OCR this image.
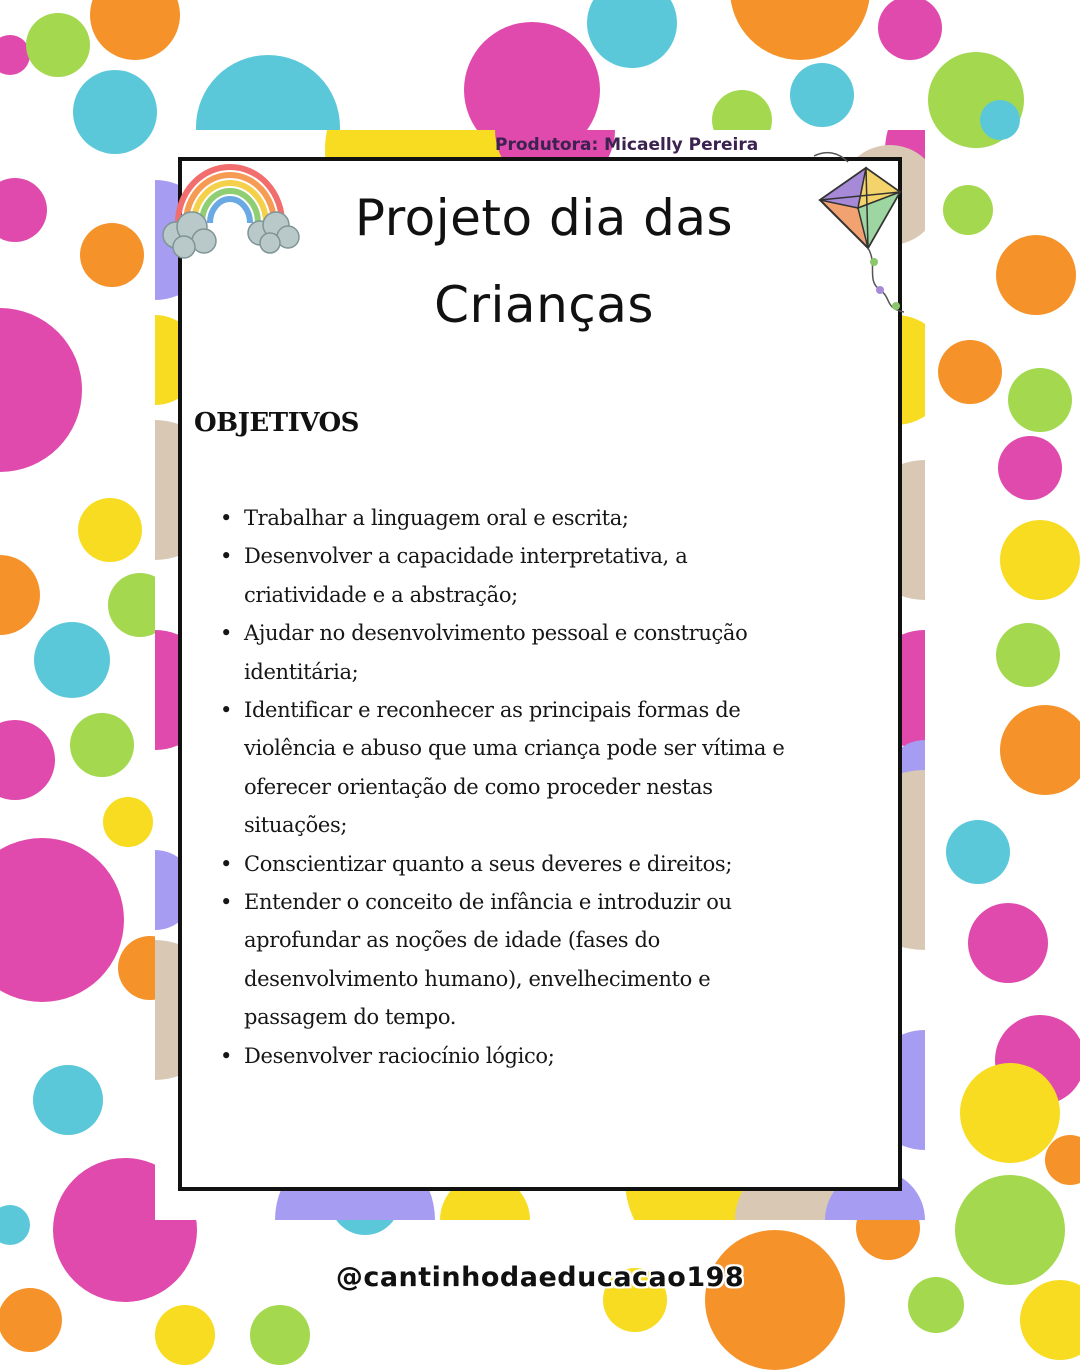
Produtora: Micaelly Pereira
Projeto dia das
Crianças
OBJETIVOS
• Trabalhar a linguagem oral e escrita;
• Desenvolver a capacidade interpretativa, a
criatividade e a abstração;
• Ajudar no desenvolvimento pessoal e construção
identitária;
• Identificar e reconhecer as principais formas de
violência e abuso que uma criança pode ser vítima e
oferecer orientação de como proceder nestas
situações;
• Conscientizar quanto a seus deveres e direitos;
• Entender o conceito de infância e introduzir ou
aprofundar as noções de idade (fases do
desenvolvimento humano), envelhecimento e
passagem do tempo.
• Desenvolver raciocínio lógico;
@cantinhodaeducacao198
